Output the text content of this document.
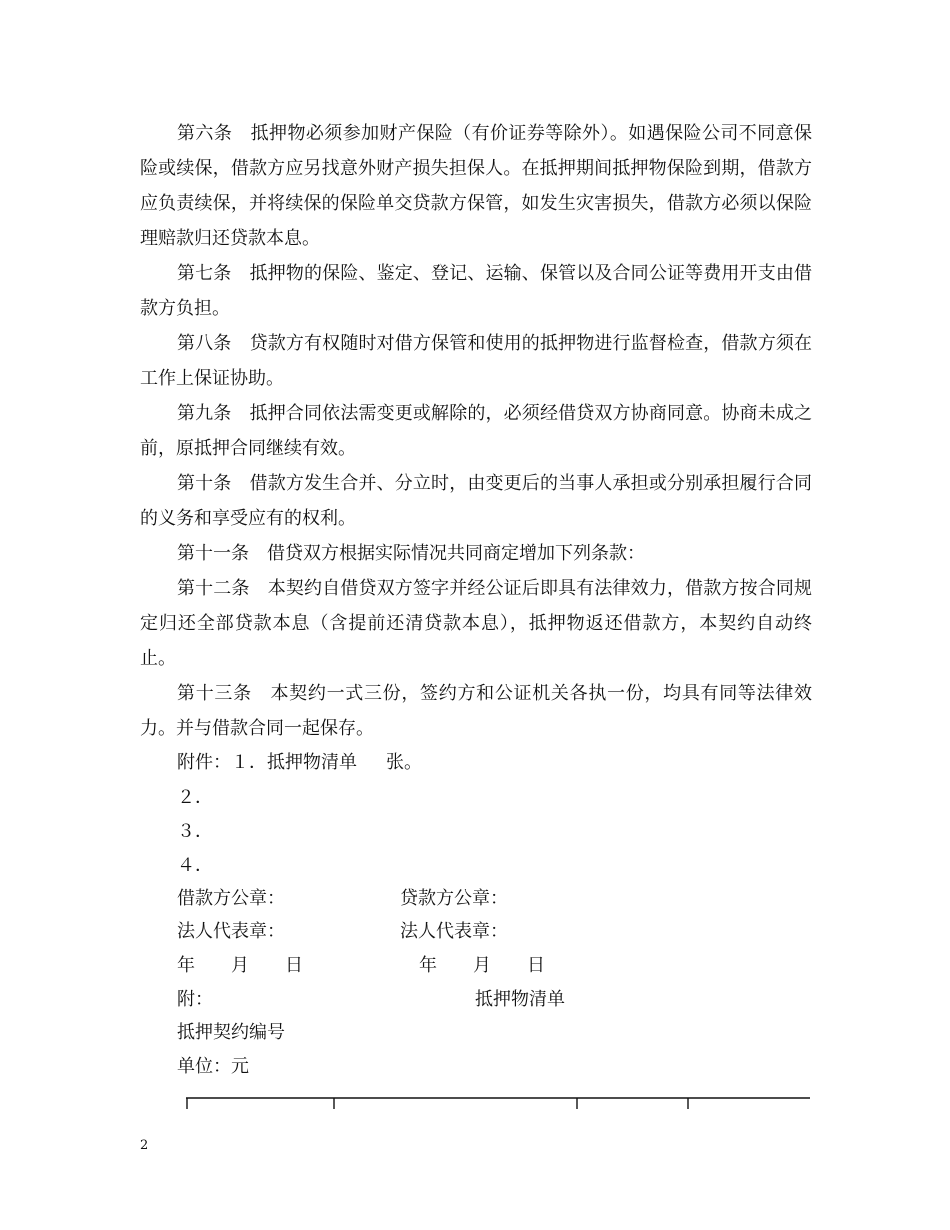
第六条　抵押物必须参加财产保险（有价证券等除外）。如遇保险公司不同意保险或续保，借款方应另找意外财产损失担保人。在抵押期间抵押物保险到期，借款方应负责续保，并将续保的保险单交贷款方保管，如发生灾害损失，借款方必须以保险理赔款归还贷款本息。

第七条　抵押物的保险、鉴定、登记、运输、保管以及合同公证等费用开支由借款方负担。

第八条　贷款方有权随时对借方保管和使用的抵押物进行监督检查，借款方须在工作上保证协助。

第九条　抵押合同依法需变更或解除的，必须经借贷双方协商同意。协商未成之前，原抵押合同继续有效。

第十条　借款方发生合并、分立时，由变更后的当事人承担或分别承担履行合同的义务和享受应有的权利。

第十一条　借贷双方根据实际情况共同商定增加下列条款：

第十二条　本契约自借贷双方签字并经公证后即具有法律效力，借款方按合同规定归还全部贷款本息（含提前还清贷款本息），抵押物返还借款方，本契约自动终止。

第十三条　本契约一式三份，签约方和公证机关各执一份，均具有同等法律效力。并与借款合同一起保存。

附件：１．抵押物清单 张。
２．
３．
４．
借款方公章：	贷款方公章：
法人代表章：	法人代表章：
年　　月　　日	年　　月　　日
附：	抵押物清单
抵押契约编号
单位：元
2
